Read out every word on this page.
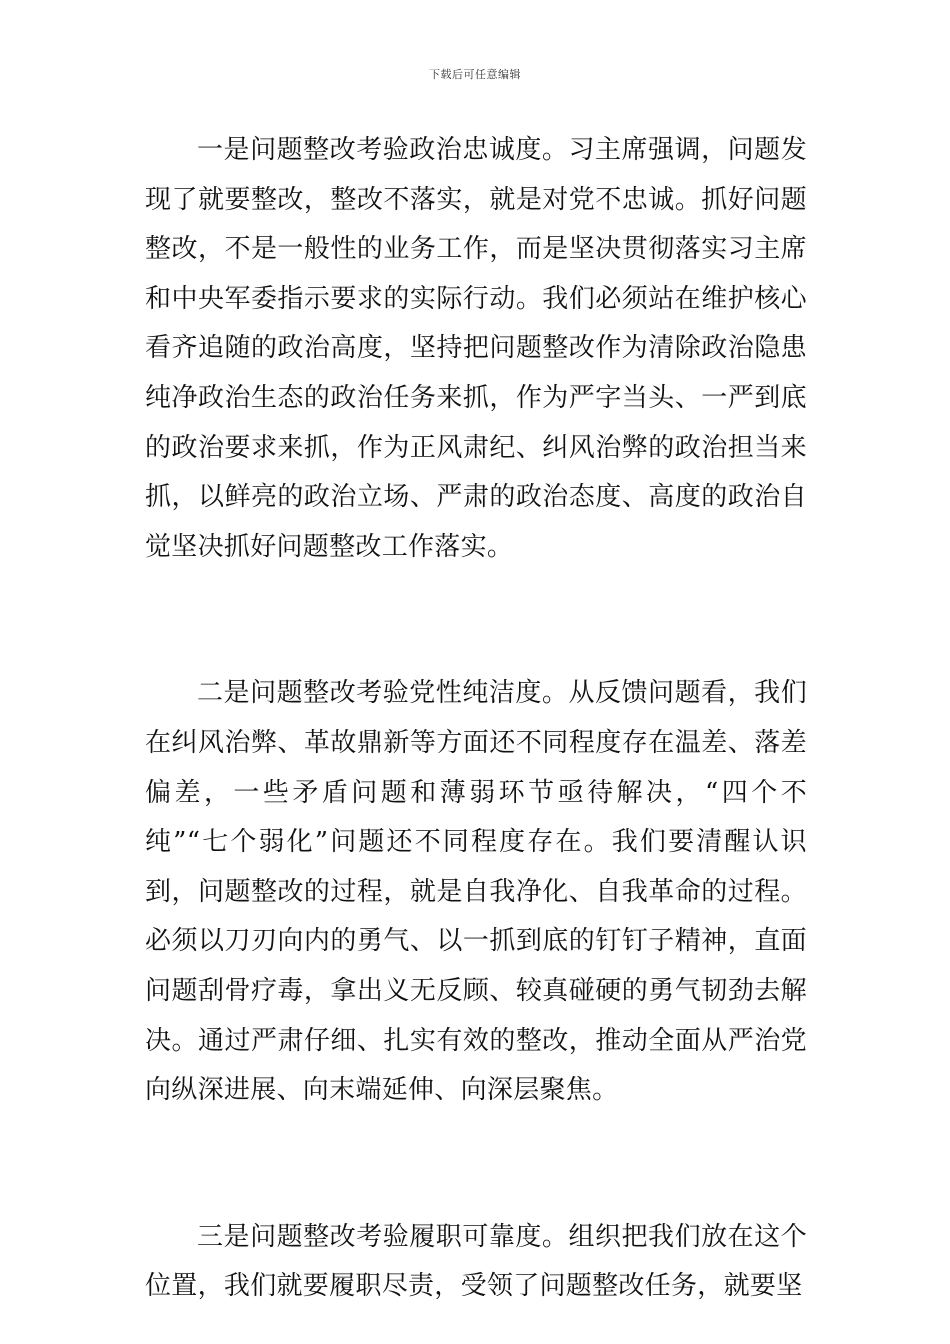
下载后可任意编辑

一是问题整改考验政治忠诚度。习主席强调，问题发现了就要整改，整改不落实，就是对党不忠诚。抓好问题整改，不是一般性的业务工作，而是坚决贯彻落实习主席和中央军委指示要求的实际行动。我们必须站在维护核心看齐追随的政治高度，坚持把问题整改作为清除政治隐患纯净政治生态的政治任务来抓，作为严字当头、一严到底的政治要求来抓，作为正风肃纪、纠风治弊的政治担当来抓，以鲜亮的政治立场、严肃的政治态度、高度的政治自觉坚决抓好问题整改工作落实。

二是问题整改考验党性纯洁度。从反馈问题看，我们在纠风治弊、革故鼎新等方面还不同程度存在温差、落差偏差，一些矛盾问题和薄弱环节亟待解决，“四个不纯”“七个弱化”问题还不同程度存在。我们要清醒认识到，问题整改的过程，就是自我净化、自我革命的过程。必须以刀刃向内的勇气、以一抓到底的钉钉子精神，直面问题刮骨疗毒，拿出义无反顾、较真碰硬的勇气韧劲去解决。通过严肃仔细、扎实有效的整改，推动全面从严治党向纵深进展、向末端延伸、向深层聚焦。

三是问题整改考验履职可靠度。组织把我们放在这个位置，我们就要履职尽责，受领了问题整改任务，就要坚
